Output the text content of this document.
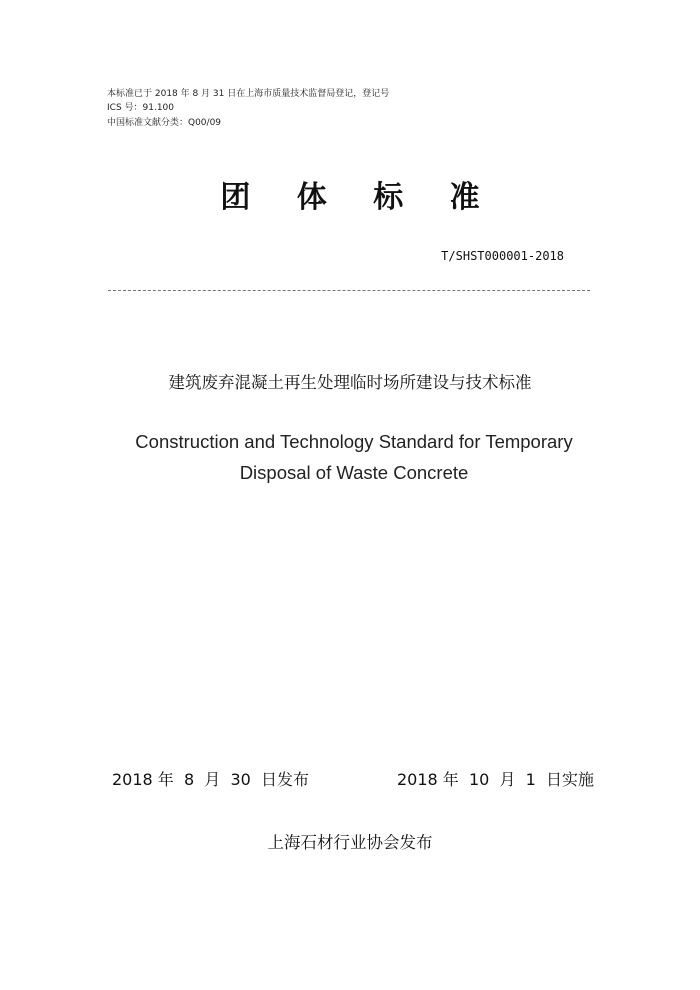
本标准已于 2018 年 8 月 31 日在上海市质量技术监督局登记，登记号
ICS 号：91.100
中国标准文献分类：Q00/09
团 体 标 准
T/SHST000001-2018
建筑废弃混凝土再生处理临时场所建设与技术标准
Construction and Technology Standard for Temporary
Disposal of Waste Concrete
2018 年  8  月  30  日发布	2018 年  10  月  1  日实施
上海石材行业协会发布
